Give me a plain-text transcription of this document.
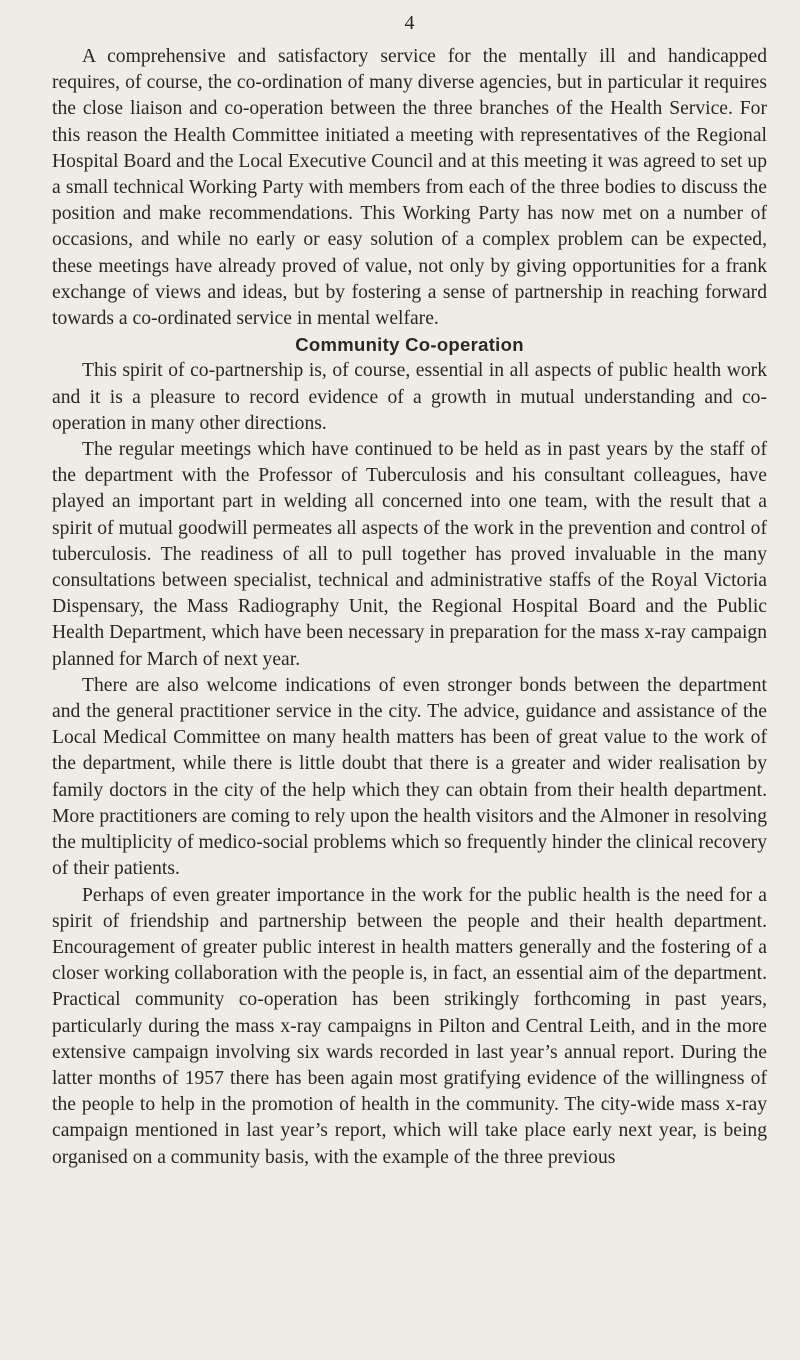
4

A comprehensive and satisfactory service for the mentally ill and handicapped requires, of course, the co-ordination of many diverse agencies, but in particular it requires the close liaison and co-operation between the three branches of the Health Service. For this reason the Health Committee initiated a meeting with representatives of the Regional Hospital Board and the Local Executive Council and at this meeting it was agreed to set up a small technical Working Party with members from each of the three bodies to discuss the position and make recommendations. This Working Party has now met on a number of occasions, and while no early or easy solution of a complex problem can be expected, these meetings have already proved of value, not only by giving opportunities for a frank exchange of views and ideas, but by fostering a sense of partnership in reaching forward towards a co-ordinated service in mental welfare.

Community Co-operation

This spirit of co-partnership is, of course, essential in all aspects of public health work and it is a pleasure to record evidence of a growth in mutual understanding and co-operation in many other directions.

The regular meetings which have continued to be held as in past years by the staff of the department with the Professor of Tuberculosis and his consultant colleagues, have played an important part in welding all concerned into one team, with the result that a spirit of mutual goodwill permeates all aspects of the work in the prevention and control of tuberculosis. The readiness of all to pull together has proved invaluable in the many consultations between specialist, technical and administrative staffs of the Royal Victoria Dispensary, the Mass Radiography Unit, the Regional Hospital Board and the Public Health Department, which have been necessary in preparation for the mass x-ray campaign planned for March of next year.

There are also welcome indications of even stronger bonds between the department and the general practitioner service in the city. The advice, guidance and assistance of the Local Medical Committee on many health matters has been of great value to the work of the department, while there is little doubt that there is a greater and wider realisation by family doctors in the city of the help which they can obtain from their health department. More practitioners are coming to rely upon the health visitors and the Almoner in resolving the multiplicity of medico-social problems which so frequently hinder the clinical recovery of their patients.

Perhaps of even greater importance in the work for the public health is the need for a spirit of friendship and partnership between the people and their health department. Encouragement of greater public interest in health matters generally and the fostering of a closer working collaboration with the people is, in fact, an essential aim of the department. Practical community co-operation has been strikingly forthcoming in past years, particularly during the mass x-ray campaigns in Pilton and Central Leith, and in the more extensive campaign involving six wards recorded in last year’s annual report. During the latter months of 1957 there has been again most gratifying evidence of the willingness of the people to help in the promotion of health in the community. The city-wide mass x-ray campaign mentioned in last year’s report, which will take place early next year, is being organised on a community basis, with the example of the three previous
